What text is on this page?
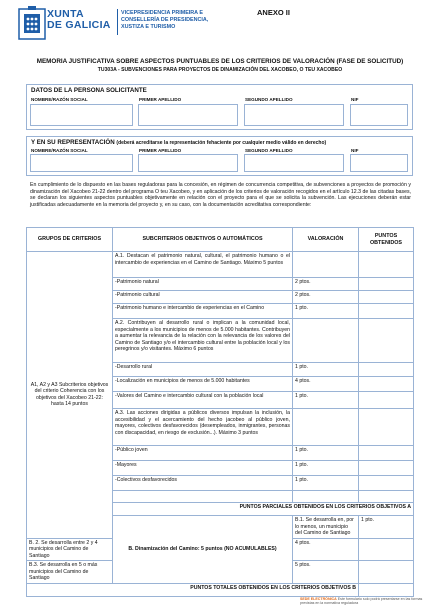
XUNTA
DE GALICIA
VICEPRESIDENCIA PRIMEIRA E
CONSELLERÍA DE PRESIDENCIA,
XUSTIZA E TURISMO
ANEXO II
MEMORIA JUSTIFICATIVA SOBRE ASPECTOS PUNTUABLES DE LOS CRITERIOS DE VALORACIÓN (FASE DE SOLICITUD)
TU303A - SUBVENCIONES PARA PROYECTOS DE DINAMIZACIÓN DEL XACOBEO, O TEU XACOBEO
DATOS DE LA PERSONA SOLICITANTE
NOMBRE/RAZÓN SOCIAL	PRIMER APELLIDO	SEGUNDO APELLIDO	NIF
Y EN SU REPRESENTACIÓN (deberá acreditarse la representación fehaciente por cualquier medio válido en derecho)
NOMBRE/RAZÓN SOCIAL	PRIMER APELLIDO	SEGUNDO APELLIDO	NIF
En cumplimiento de lo dispuesto en las bases reguladoras para la concesión, en régimen de concurrencia competitiva, de subvenciones a proyectos de promoción y dinamización del Xacobeo 21-22 dentro del programa O teu Xacobeo, y en aplicación de los criterios de valoración recogidos en el artículo 12.3 de las citadas bases, se declaran los siguientes aspectos puntuables objetivamente en relación con el proyecto para el que se solicita la subvención. Las ejecuciones deberán estar justificadas adecuadamente en la memoria del proyecto y, en su caso, con la documentación acreditativa correspondiente:
GRUPOS DE CRITERIOS	SUBCRITERIOS OBJETIVOS O AUTOMÁTICOS	VALORACIÓN	PUNTOS OBTENIDOS	
A1, A2 y A3 Subcriterios objetivos del criterio Coherencia con los objetivos del Xacobeo 21-22: hasta 14 puntos	A.1. Destacan el patrimonio natural, cultural, el patrimonio humano o el intercambio de experiencias en el Camino de Santiago. Máximo 5 puntos			
	-Patrimonio natural	2 ptos.		
	-Patrimonio cultural	2 ptos.		
	-Patrimonio humano e intercambio de experiencias en el Camino	1 pto.		
	A.2. Contribuyen al desarrollo rural o implican a la comunidad local, especialmente a los municipios de menos de 5.000 habitantes. Contribuyen a aumentar la relevancia de la relación con la relevancia de los valores del Camino de Santiago y/o el intercambio cultural entre la población local y los peregrinos y/o visitantes. Máximo 6 puntos			
	-Desarrollo rural	1 pto.		
	-Localización en municipios de menos de 5.000 habitantes	4 ptos.		
	-Valores del Camino e intercambio cultural con la población local	1 pto.		
	A.3. Las acciones dirigidas a públicos diversos impulsan la inclusión, la accesibilidad y el acercamiento del hecho jacobeo al público joven, mayores, colectivos desfavorecidos (desempleados, inmigrantes, personas con discapacidad, en riesgo de exclusión...). Máximo 3 puntos			
	-Público joven	1 pto.		
	-Mayores	1 pto.		
	-Colectivos desfavorecidos	1 pto.		

	PUNTOS PARCIALES OBTENIDOS EN LOS CRITERIOS OBJETIVOS A			
	B. Dinamización del Camino: 5 puntos (NO ACUMULABLES)	B.1. Se desarrolla en, por lo menos, un municipio del Camino de Santiago	1 pto.	
B. 2. Se desarrolla entre 2 y 4 municipios del Camino de Santiago		4 ptos.		
B.3. Se desarrolla en 5 o más municipios del Camino de Santiago		5 ptos.		
PUNTOS TOTALES OBTENIDOS EN LOS CRITERIOS OBJETIVOS B				
SEDE ELECTRÓNICA Este formulario solo podrá presentarse en las formas previstas en la normativa reguladora
